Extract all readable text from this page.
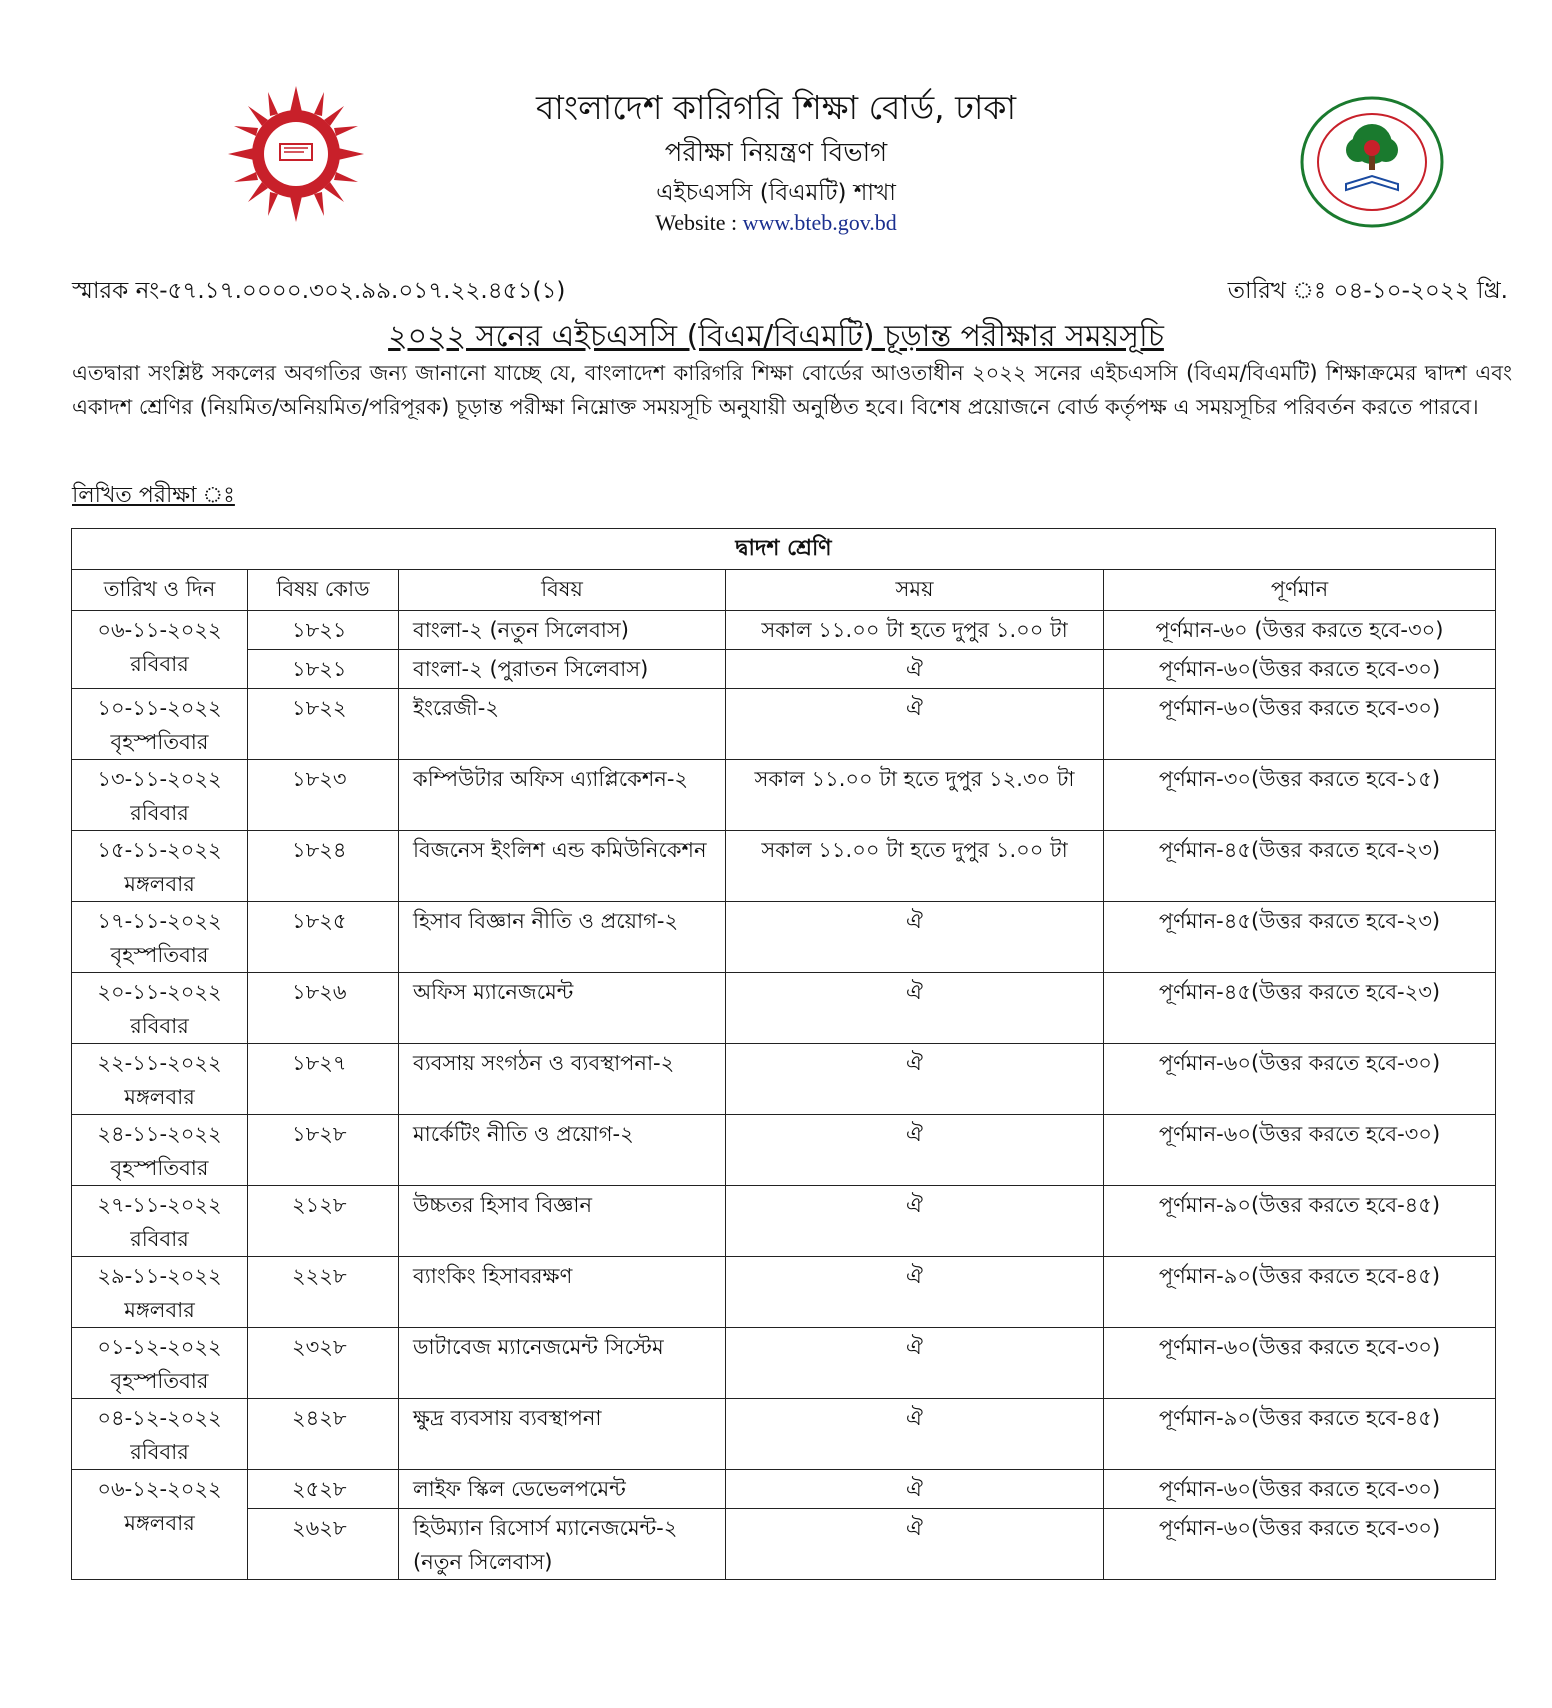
বাংলাদেশ কারিগরি শিক্ষা বোর্ড, ঢাকা
পরীক্ষা নিয়ন্ত্রণ বিভাগ
এইচএসসি (বিএমটি) শাখা
Website : www.bteb.gov.bd
স্মারক নং-৫৭.১৭.০০০০.৩০২.৯৯.০১৭.২২.৪৫১(১)	তারিখ ঃ ০৪-১০-২০২২ খ্রি.
২০২২ সনের এইচএসসি (বিএম/বিএমটি) চূড়ান্ত পরীক্ষার সময়সূচি
এতদ্বারা সংশ্লিষ্ট সকলের অবগতির জন্য জানানো যাচ্ছে যে, বাংলাদেশ কারিগরি শিক্ষা বোর্ডের আওতাধীন ২০২২ সনের এইচএসসি (বিএম/বিএমটি) শিক্ষাক্রমের দ্বাদশ এবং একাদশ শ্রেণির (নিয়মিত/অনিয়মিত/পরিপূরক) চূড়ান্ত পরীক্ষা নিম্নোক্ত সময়সূচি অনুযায়ী অনুষ্ঠিত হবে। বিশেষ প্রয়োজনে বোর্ড কর্তৃপক্ষ এ সময়সূচির পরিবর্তন করতে পারবে।
লিখিত পরীক্ষা ঃ
দ্বাদশ শ্রেণি				
তারিখ ও দিন	বিষয় কোড	বিষয়	সময়	পূর্ণমান

০৬-১১-২০২২
রবিবার	১৮২১	বাংলা-২ (নতুন সিলেবাস)	সকাল ১১.০০ টা হতে দুপুর ১.০০ টা	পূর্ণমান-৬০ (উত্তর করতে হবে-৩০)
	১৮২১	বাংলা-২ (পুরাতন সিলেবাস)	ঐ	পূর্ণমান-৬০(উত্তর করতে হবে-৩০)

১০-১১-২০২২
বৃহস্পতিবার	১৮২২	ইংরেজী-২	ঐ	পূর্ণমান-৬০(উত্তর করতে হবে-৩০)

১৩-১১-২০২২
রবিবার	১৮২৩	কম্পিউটার অফিস এ্যাপ্লিকেশন-২	সকাল ১১.০০ টা হতে দুপুর ১২.৩০ টা	পূর্ণমান-৩০(উত্তর করতে হবে-১৫)

১৫-১১-২০২২
মঙ্গলবার	১৮২৪	বিজনেস ইংলিশ এন্ড কমিউনিকেশন	সকাল ১১.০০ টা হতে দুপুর ১.০০ টা	পূর্ণমান-৪৫(উত্তর করতে হবে-২৩)

১৭-১১-২০২২
বৃহস্পতিবার	১৮২৫	হিসাব বিজ্ঞান নীতি ও প্রয়োগ-২	ঐ	পূর্ণমান-৪৫(উত্তর করতে হবে-২৩)

২০-১১-২০২২
রবিবার	১৮২৬	অফিস ম্যানেজমেন্ট	ঐ	পূর্ণমান-৪৫(উত্তর করতে হবে-২৩)

২২-১১-২০২২
মঙ্গলবার	১৮২৭	ব্যবসায় সংগঠন ও ব্যবস্থাপনা-২	ঐ	পূর্ণমান-৬০(উত্তর করতে হবে-৩০)

২৪-১১-২০২২
বৃহস্পতিবার	১৮২৮	মার্কেটিং নীতি ও প্রয়োগ-২	ঐ	পূর্ণমান-৬০(উত্তর করতে হবে-৩০)

২৭-১১-২০২২
রবিবার	২১২৮	উচ্চতর হিসাব বিজ্ঞান	ঐ	পূর্ণমান-৯০(উত্তর করতে হবে-৪৫)

২৯-১১-২০২২
মঙ্গলবার	২২২৮	ব্যাংকিং হিসাবরক্ষণ	ঐ	পূর্ণমান-৯০(উত্তর করতে হবে-৪৫)

০১-১২-২০২২
বৃহস্পতিবার	২৩২৮	ডাটাবেজ ম্যানেজমেন্ট সিস্টেম	ঐ	পূর্ণমান-৬০(উত্তর করতে হবে-৩০)

০৪-১২-২০২২
রবিবার	২৪২৮	ক্ষুদ্র ব্যবসায় ব্যবস্থাপনা	ঐ	পূর্ণমান-৯০(উত্তর করতে হবে-৪৫)

০৬-১২-২০২২
মঙ্গলবার	২৫২৮	লাইফ স্কিল ডেভেলপমেন্ট	ঐ	পূর্ণমান-৬০(উত্তর করতে হবে-৩০)
	২৬২৮	হিউম্যান রিসোর্স ম্যানেজমেন্ট-২ (নতুন সিলেবাস)	ঐ	পূর্ণমান-৬০(উত্তর করতে হবে-৩০)
